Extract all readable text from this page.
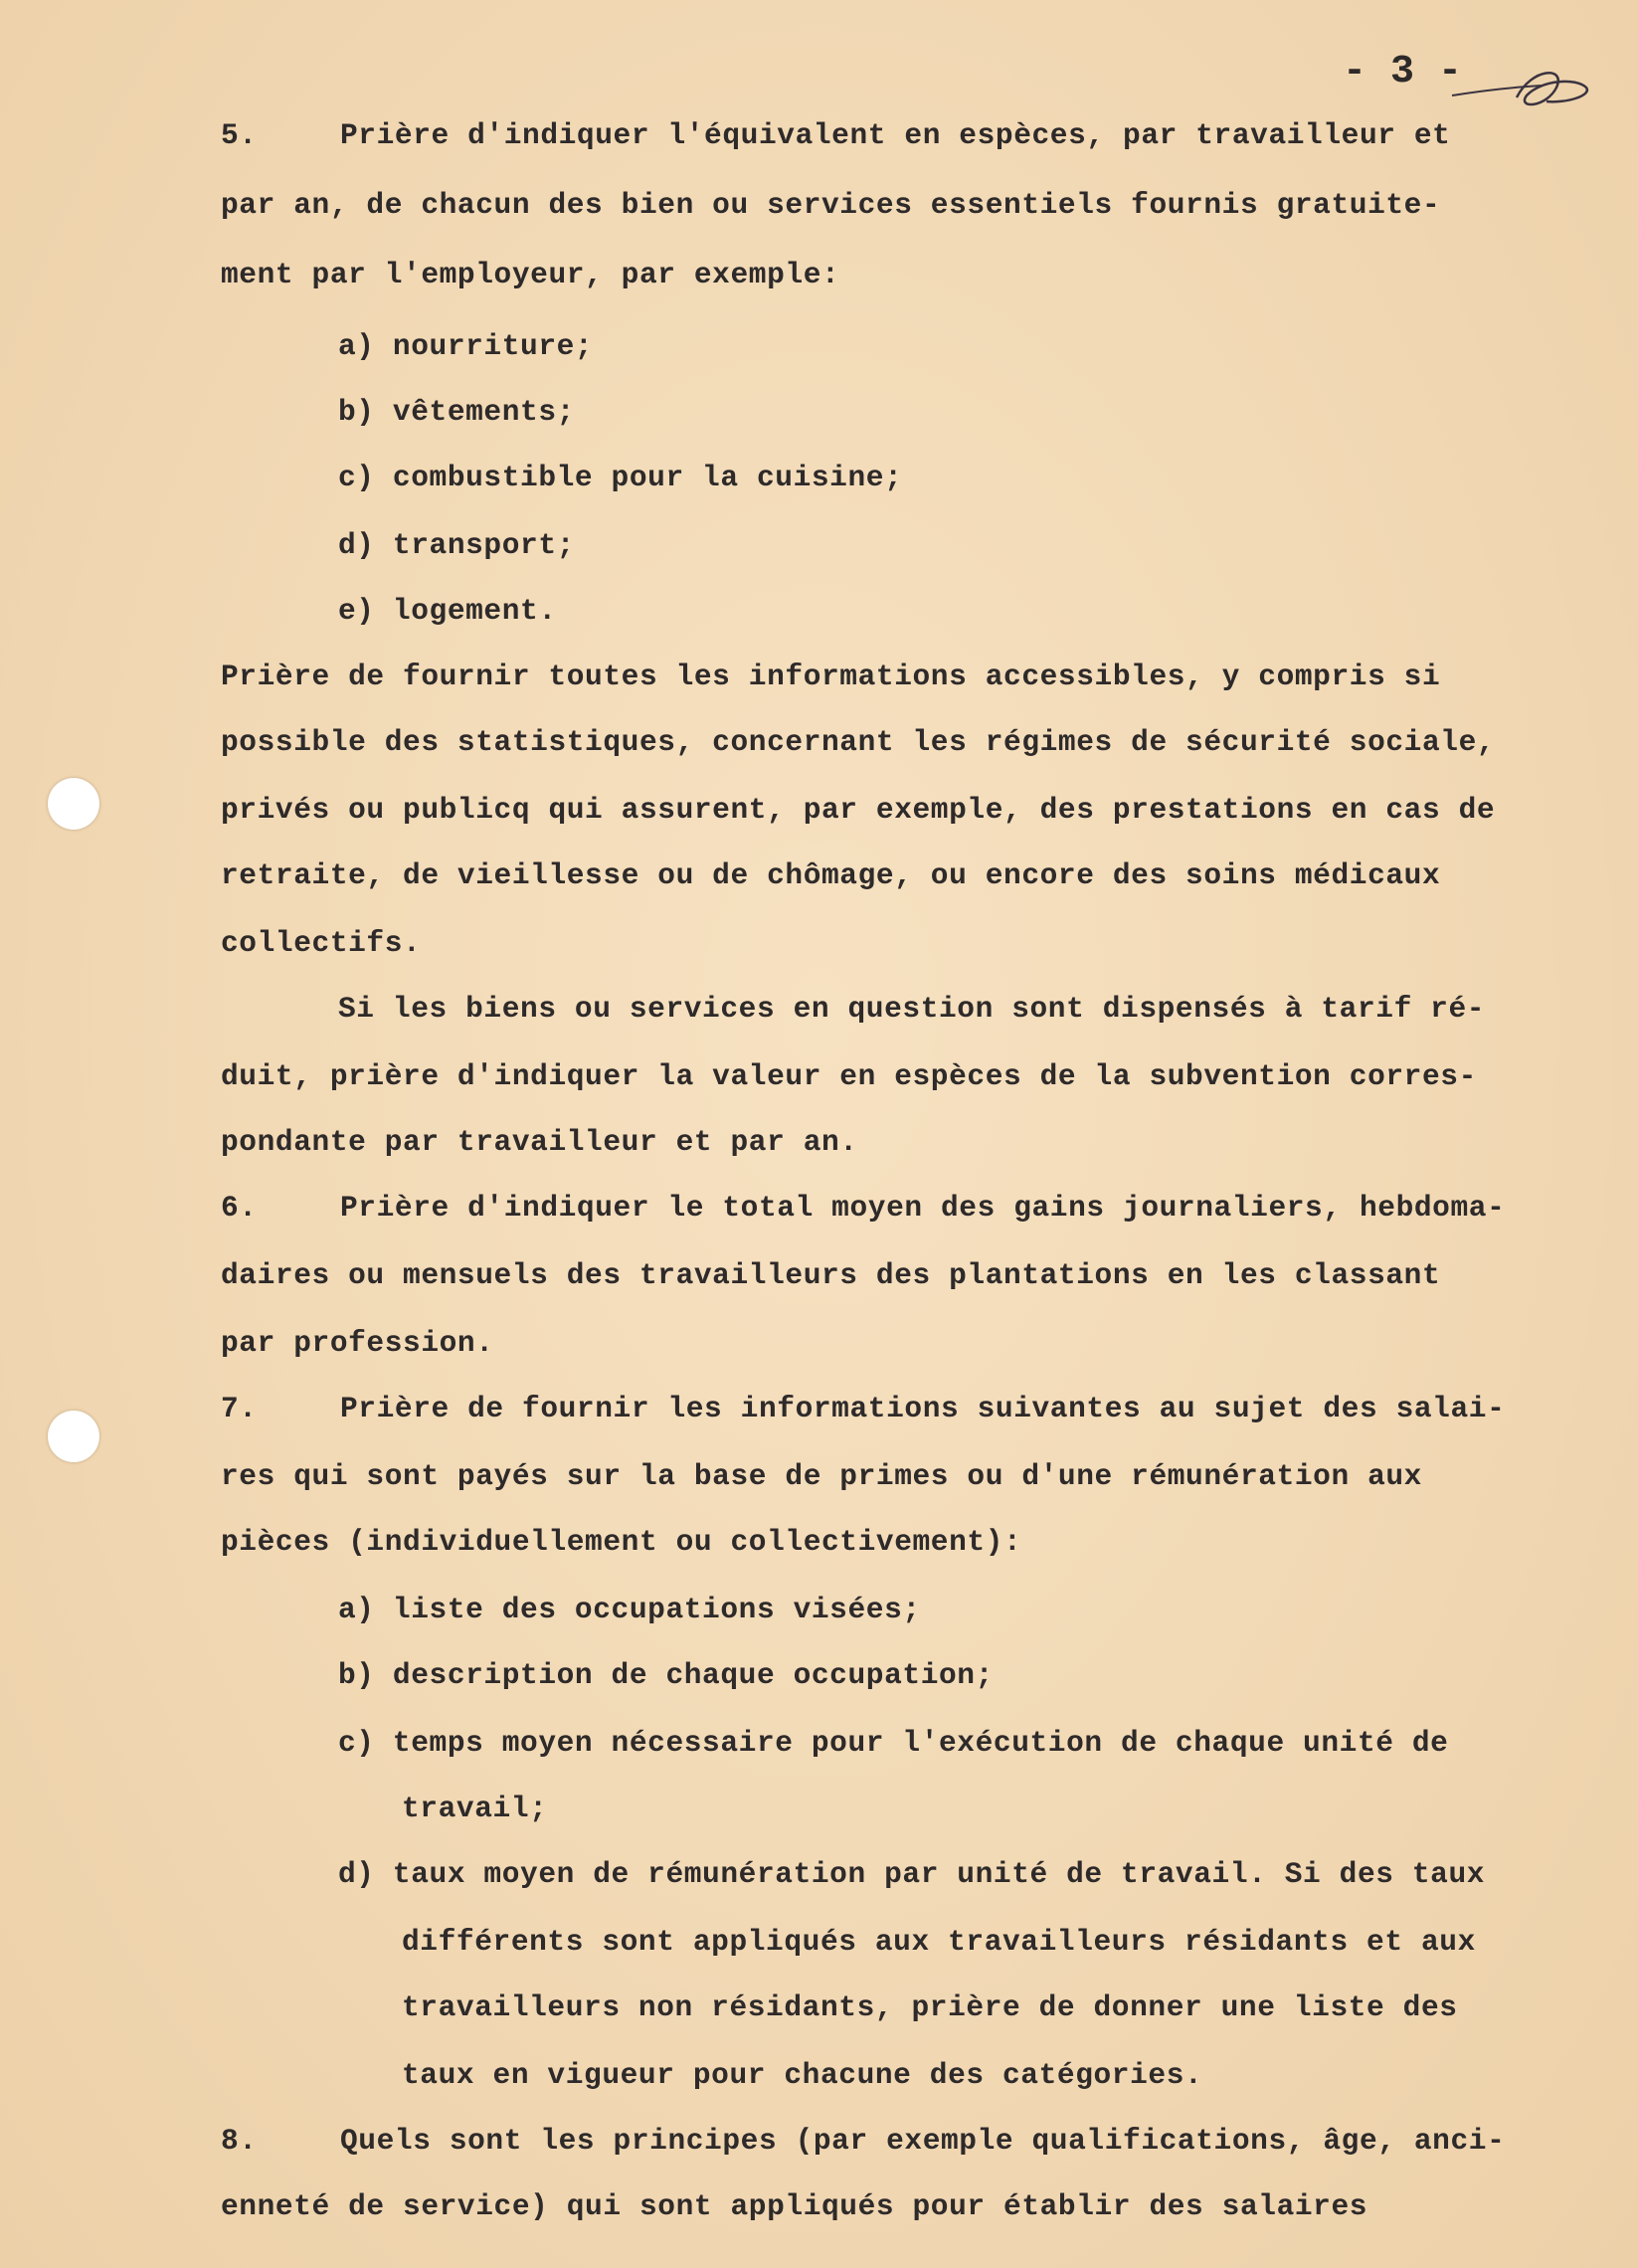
- 3 -
5.	Prière d'indiquer l'équivalent en espèces, par travailleur et
par an, de chacun des bien ou services essentiels fournis gratuite-
ment par l'employeur, par exemple:
a) nourriture;
b) vêtements;
c) combustible pour la cuisine;
d) transport;
e) logement.
Prière de fournir toutes les informations accessibles, y compris si
possible des statistiques, concernant les régimes de sécurité sociale,
privés ou publicq qui assurent, par exemple, des prestations en cas de
retraite, de vieillesse ou de chômage, ou encore des soins médicaux
collectifs.
Si les biens ou services en question sont dispensés à tarif ré-
duit, prière d'indiquer la valeur en espèces de la subvention corres-
pondante par travailleur et par an.
6.	Prière d'indiquer le total moyen des gains journaliers, hebdoma-
daires ou mensuels des travailleurs des plantations en les classant
par profession.
7.	Prière de fournir les informations suivantes au sujet des salai-
res qui sont payés sur la base de primes ou d'une rémunération aux
pièces (individuellement ou collectivement):
a) liste des occupations visées;
b) description de chaque occupation;
c) temps moyen nécessaire pour l'exécution de chaque unité de
travail;
d) taux moyen de rémunération par unité de travail. Si des taux
différents sont appliqués aux travailleurs résidants et aux
travailleurs non résidants, prière de donner une liste des
taux en vigueur pour chacune des catégories.
8.	Quels sont les principes (par exemple qualifications, âge, anci-
enneté de service) qui sont appliqués pour établir des salaires
